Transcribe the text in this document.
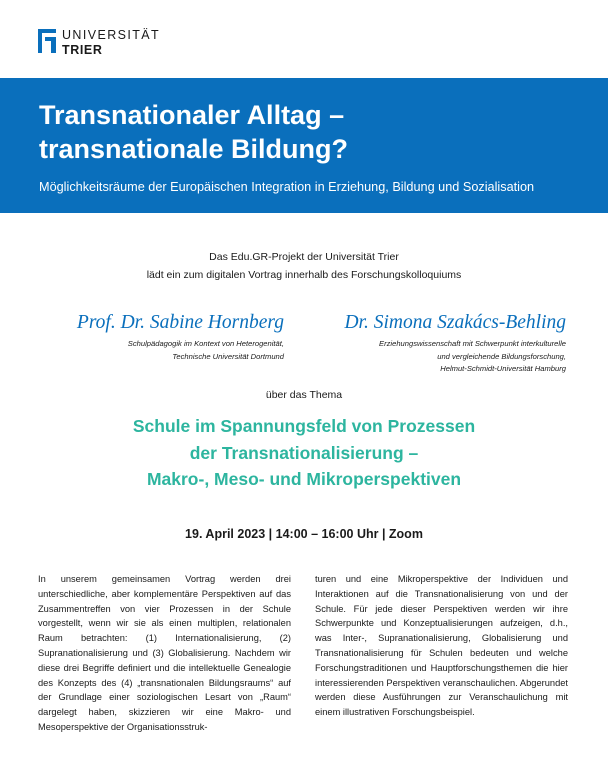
UNIVERSITÄT
TRIER
Transnationaler Alltag –
transnationale Bildung?
Möglichkeitsräume der Europäischen Integration in Erziehung, Bildung und Sozialisation
Das Edu.GR-Projekt der Universität Trier
lädt ein zum digitalen Vortrag innerhalb des Forschungskolloquiums
Prof. Dr. Sabine Hornberg
Schulpädagogik im Kontext von Heterogenität,
Technische Universität Dortmund
Dr. Simona Szakács-Behling
Erziehungswissenschaft mit Schwerpunkt interkulturelle
und vergleichende Bildungsforschung,
Helmut-Schmidt-Universität Hamburg
über das Thema
Schule im Spannungsfeld von Prozessen
der Transnationalisierung –
Makro-, Meso- und Mikroperspektiven
19. April 2023 | 14:00 – 16:00 Uhr | Zoom
In unserem gemeinsamen Vortrag werden drei unterschiedliche, aber komplementäre Perspektiven auf das Zusammentreffen von vier Prozessen in der Schule vorgestellt, wenn wir sie als einen multiplen, relationalen Raum betrachten: (1) Internationalisierung, (2) Supranationalisierung und (3) Globalisierung. Nachdem wir diese drei Begriffe definiert und die intellektuelle Genealogie des Konzepts des (4) „transnationalen Bildungsraums“ auf der Grundlage einer soziologischen Lesart von „Raum“ dargelegt haben, skizzieren wir eine Makro- und Mesoperspektive der Organisationsstruk-
turen und eine Mikroperspektive der Individuen und Interaktionen auf die Transnationalisierung von und der Schule. Für jede dieser Perspektiven werden wir ihre Schwerpunkte und Konzeptualisierungen aufzeigen, d.h., was Inter-, Supranationalisierung, Globalisierung und Transnationalisierung für Schulen bedeuten und welche Forschungstraditionen und Hauptforschungsthemen die hier interessierenden Perspektiven veranschaulichen. Abgerundet werden diese Ausführungen zur Veranschaulichung mit einem illustrativen Forschungsbeispiel.
